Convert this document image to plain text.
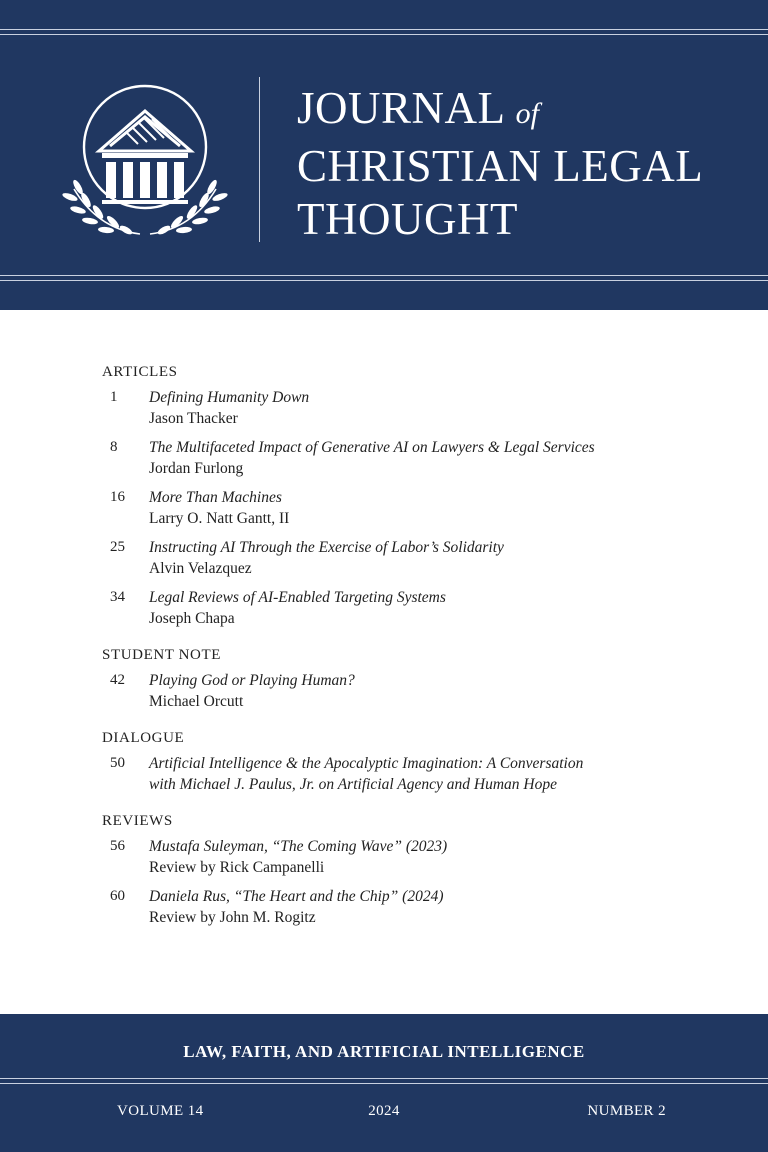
JOURNAL of
CHRISTIAN LEGAL
THOUGHT
ARTICLES
1 Defining Humanity Down
Jason Thacker
8 The Multifaceted Impact of Generative AI on Lawyers & Legal Services
Jordan Furlong
16 More Than Machines
Larry O. Natt Gantt, II
25 Instructing AI Through the Exercise of Labor’s Solidarity
Alvin Velazquez
34 Legal Reviews of AI-Enabled Targeting Systems
Joseph Chapa
STUDENT NOTE
42 Playing God or Playing Human?
Michael Orcutt
DIALOGUE
50 Artificial Intelligence & the Apocalyptic Imagination: A Conversation
with Michael J. Paulus, Jr. on Artificial Agency and Human Hope
REVIEWS
56 Mustafa Suleyman, “The Coming Wave” (2023)
Review by Rick Campanelli
60 Daniela Rus, “The Heart and the Chip” (2024)
Review by John M. Rogitz
LAW, FAITH, AND ARTIFICIAL INTELLIGENCE
VOLUME 14	2024	NUMBER 2
